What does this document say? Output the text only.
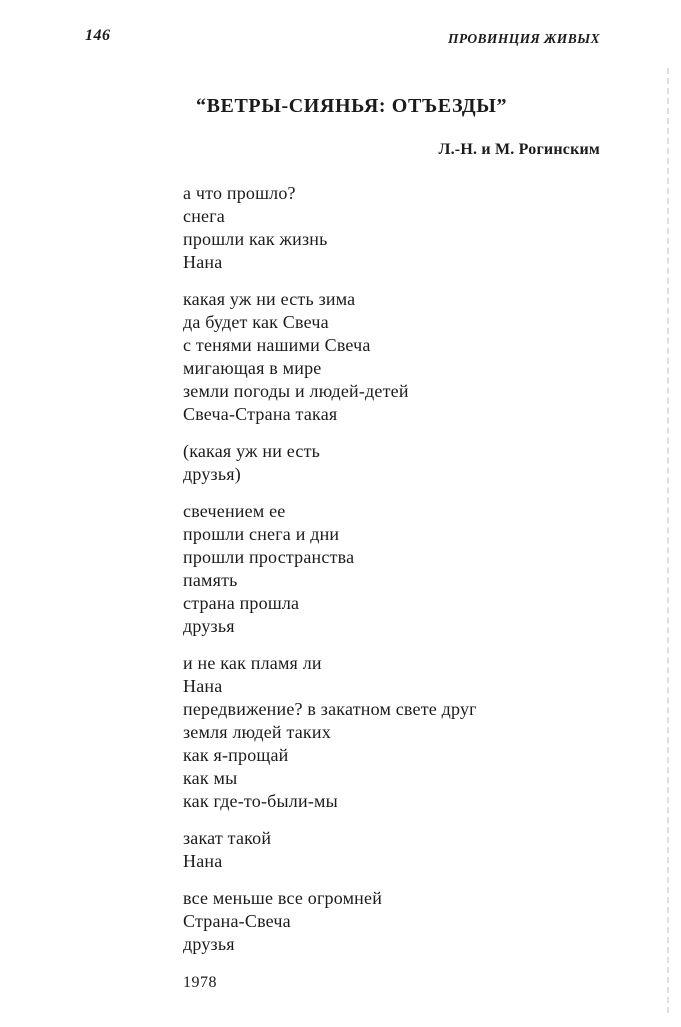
146	ПРОВИНЦИЯ ЖИВЫХ
“ВЕТРЫ-СИЯНЬЯ: ОТЪЕЗДЫ”
Л.-Н. и М. Рогинским
а что прошло?
снега
прошли как жизнь
Нана
какая уж ни есть зима
да будет как Свеча
с тенями нашими Свеча
мигающая в мире
земли погоды и людей-детей
Свеча-Страна такая
(какая уж ни есть
друзья)
свечением ее
прошли снега и дни
прошли пространства
память
страна прошла
друзья
и не как пламя ли
Нана
передвижение? в закатном свете друг
земля людей таких
как я-прощай
как мы
как где-то-были-мы
закат такой
Нана
все меньше все огромней
Страна-Свеча
друзья
1978
